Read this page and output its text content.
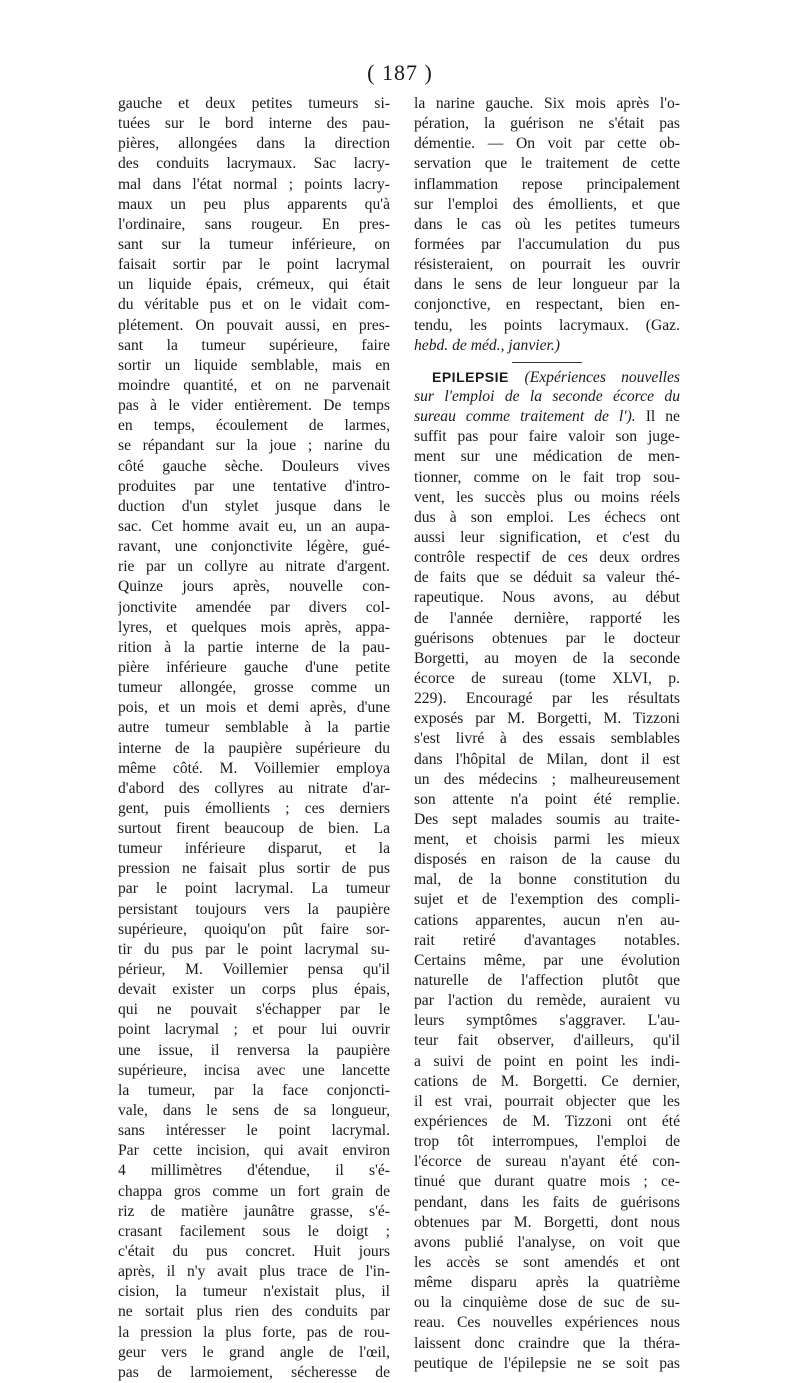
( 187 )
gauche et deux petites tumeurs si-
tuées sur le bord interne des pau-
pières, allongées dans la direction
des conduits lacrymaux. Sac lacry-
mal dans l'état normal ; points lacry-
maux un peu plus apparents qu'à
l'ordinaire, sans rougeur. En pres-
sant sur la tumeur inférieure, on
faisait sortir par le point lacrymal
un liquide épais, crémeux, qui était
du véritable pus et on le vidait com-
plétement. On pouvait aussi, en pres-
sant la tumeur supérieure, faire
sortir un liquide semblable, mais en
moindre quantité, et on ne parvenait
pas à le vider entièrement. De temps
en temps, écoulement de larmes,
se répandant sur la joue ; narine du
côté gauche sèche. Douleurs vives
produites par une tentative d'intro-
duction d'un stylet jusque dans le
sac. Cet homme avait eu, un an aupa-
ravant, une conjonctivite légère, gué-
rie par un collyre au nitrate d'argent.
Quinze jours après, nouvelle con-
jonctivite amendée par divers col-
lyres, et quelques mois après, appa-
rition à la partie interne de la pau-
pière inférieure gauche d'une petite
tumeur allongée, grosse comme un
pois, et un mois et demi après, d'une
autre tumeur semblable à la partie
interne de la paupière supérieure du
même côté. M. Voillemier employa
d'abord des collyres au nitrate d'ar-
gent, puis émollients ; ces derniers
surtout firent beaucoup de bien. La
tumeur inférieure disparut, et la
pression ne faisait plus sortir de pus
par le point lacrymal. La tumeur
persistant toujours vers la paupière
supérieure, quoiqu'on pût faire sor-
tir du pus par le point lacrymal su-
périeur, M. Voillemier pensa qu'il
devait exister un corps plus épais,
qui ne pouvait s'échapper par le
point lacrymal ; et pour lui ouvrir
une issue, il renversa la paupière
supérieure, incisa avec une lancette
la tumeur, par la face conjoncti-
vale, dans le sens de sa longueur,
sans intéresser le point lacrymal.
Par cette incision, qui avait environ
4 millimètres d'étendue, il s'é-
chappa gros comme un fort grain de
riz de matière jaunâtre grasse, s'é-
crasant facilement sous le doigt ;
c'était du pus concret. Huit jours
après, il n'y avait plus trace de l'in-
cision, la tumeur n'existait plus, il
ne sortait plus rien des conduits par
la pression la plus forte, pas de rou-
geur vers le grand angle de l'œil,
pas de larmoiement, sécheresse de
la narine gauche. Six mois après l'o-
pération, la guérison ne s'était pas
démentie. — On voit par cette ob-
servation que le traitement de cette
inflammation repose principalement
sur l'emploi des émollients, et que
dans le cas où les petites tumeurs
formées par l'accumulation du pus
résisteraient, on pourrait les ouvrir
dans le sens de leur longueur par la
conjonctive, en respectant, bien en-
tendu, les points lacrymaux. (Gaz.
hebd. de méd., janvier.)
EPILEPSIE (Expériences nouvelles
sur l'emploi de la seconde écorce du
sureau comme traitement de l'). Il ne
suffit pas pour faire valoir son juge-
ment sur une médication de men-
tionner, comme on le fait trop sou-
vent, les succès plus ou moins réels
dus à son emploi. Les échecs ont
aussi leur signification, et c'est du
contrôle respectif de ces deux ordres
de faits que se déduit sa valeur thé-
rapeutique. Nous avons, au début
de l'année dernière, rapporté les
guérisons obtenues par le docteur
Borgetti, au moyen de la seconde
écorce de sureau (tome XLVI, p.
229). Encouragé par les résultats
exposés par M. Borgetti, M. Tizzoni
s'est livré à des essais semblables
dans l'hôpital de Milan, dont il est
un des médecins ; malheureusement
son attente n'a point été remplie.
Des sept malades soumis au traite-
ment, et choisis parmi les mieux
disposés en raison de la cause du
mal, de la bonne constitution du
sujet et de l'exemption des compli-
cations apparentes, aucun n'en au-
rait retiré d'avantages notables.
Certains même, par une évolution
naturelle de l'affection plutôt que
par l'action du remède, auraient vu
leurs symptômes s'aggraver. L'au-
teur fait observer, d'ailleurs, qu'il
a suivi de point en point les indi-
cations de M. Borgetti. Ce dernier,
il est vrai, pourrait objecter que les
expériences de M. Tizzoni ont été
trop tôt interrompues, l'emploi de
l'écorce de sureau n'ayant été con-
tinué que durant quatre mois ; ce-
pendant, dans les faits de guérisons
obtenues par M. Borgetti, dont nous
avons publié l'analyse, on voit que
les accès se sont amendés et ont
même disparu après la quatrième
ou la cinquième dose de suc de su-
reau. Ces nouvelles expériences nous
laissent donc craindre que la théra-
peutique de l'épilepsie ne se soit pas
